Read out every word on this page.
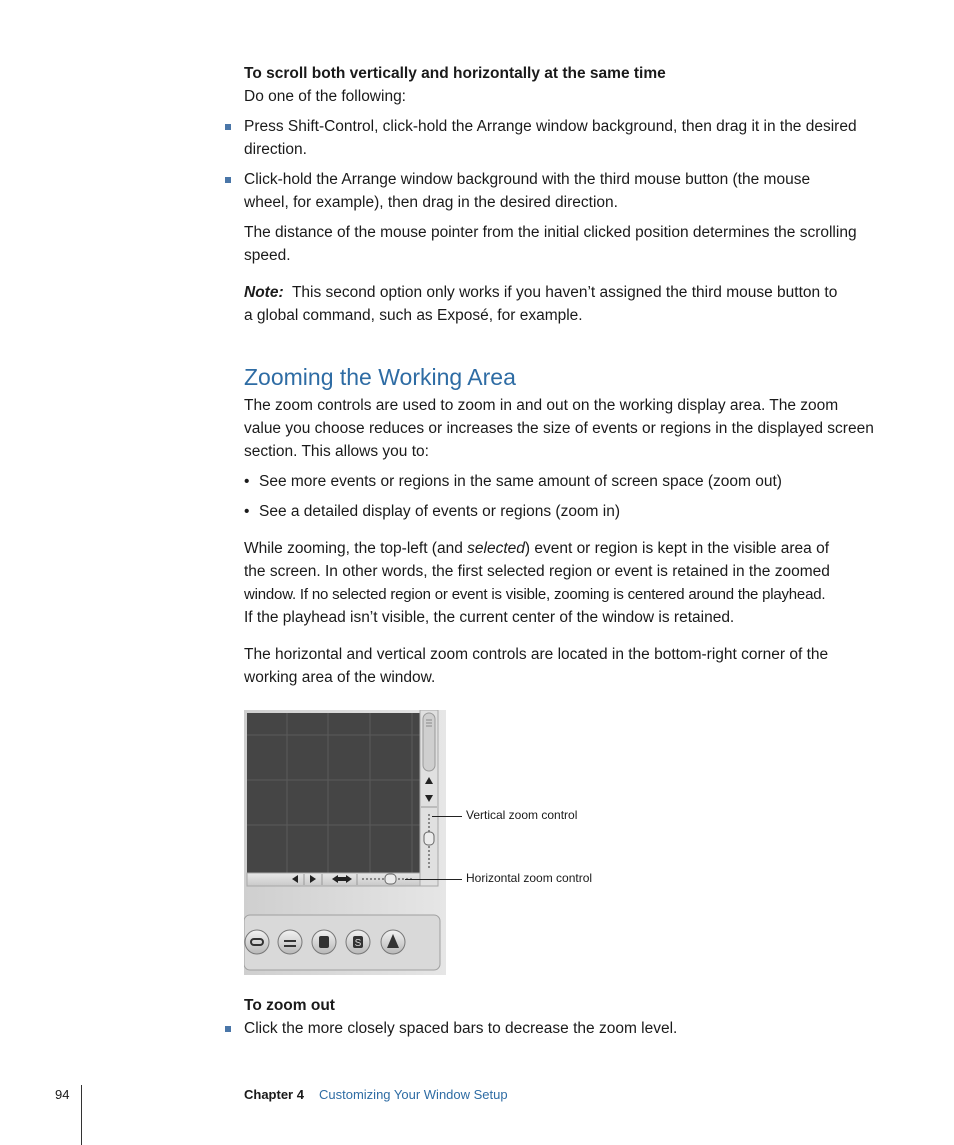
To scroll both vertically and horizontally at the same time
Do one of the following:
Press Shift-Control, click-hold the Arrange window background, then drag it in the desired
direction.
Click-hold the Arrange window background with the third mouse button (the mouse
wheel, for example), then drag in the desired direction.
The distance of the mouse pointer from the initial clicked position determines the scrolling
speed.
Note: This second option only works if you haven’t assigned the third mouse button to
a global command, such as Exposé, for example.
Zooming the Working Area
The zoom controls are used to zoom in and out on the working display area. The zoom
value you choose reduces or increases the size of events or regions in the displayed screen
section. This allows you to:
• See more events or regions in the same amount of screen space (zoom out)
• See a detailed display of events or regions (zoom in)
While zooming, the top-left (and selected) event or region is kept in the visible area of
the screen. In other words, the first selected region or event is retained in the zoomed
window. If no selected region or event is visible, zooming is centered around the playhead.
If the playhead isn’t visible, the current center of the window is retained.
The horizontal and vertical zoom controls are located in the bottom-right corner of the
working area of the window.
S
Vertical zoom control
Horizontal zoom control
To zoom out
Click the more closely spaced bars to decrease the zoom level.
94	Chapter 4 Customizing Your Window Setup
